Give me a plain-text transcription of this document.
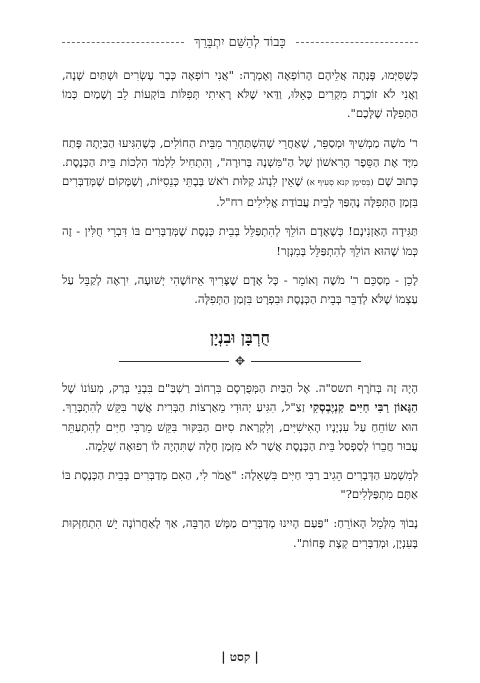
כָּבוֹד לְהַשֵּׁם יִתְבָּרֵךְ

כְּשֶׁסִּיְּמוּ, פָּנְתָה אֲלֵיהֶם הָרוֹפְאָה וְאָמְרָה: "אֲנִי רוֹפְאָה כְּבָר עֶשְׂרִים וּשְׁתַּיִם שָׁנָה, וַאֲנִי לֹא זוֹכֶרֶת מִקְרִים כָּאֵלּוּ, וַדַּאי שֶׁלֹּא רָאִיתִי תְּפִלּוֹת בּוֹקְעוֹת לֵב וְשֶׁמַיִם כְּמוֹ הַתְּפִלָּה שֶׁלָּכֶם".

ר' מֹשֶׁה מַמְשִׁיךְ וּמְסַפֵּר, שֶׁאַחֲרֵי שֶׁהִשְׁתַּחְרֵר מִבֵּית הַחוֹלִים, כְּשֶׁהִגִּיעוּ הַבַּיְתָה פָּתַח מִיָּד אֶת הַסֵּפֶר הָרִאשׁוֹן שֶׁל הַ"מִּשְׁנָה בְּרוּרָה", וְהִתְחִיל לִלְמֹד הִלְכוֹת בֵּית הַכְּנֶסֶת. כָּתוּב שָׁם (בְּסִימָן קנא סְעִיף א) שֶׁאֵין לִנְהֹג קַלּוּת רֹאשׁ בְּבָתֵּי כְּנֵסִיּוֹת, וְשֶׁמָּקוֹם שֶׁמְּדַבְּרִים בִּזְמַן הַתְּפִלָּה נֶהְפַּךְ לְבֵית עֲבוֹדַת אֱלִילִים רח"ל.

תַּגִּידָה הָאַזְנִינָם! כְּשֶׁאָדָם הוֹלֵךְ לְהִתְפַּלֵּל בְּבֵית כְּנֶסֶת שֶׁמְּדַבְּרִים בּוֹ דִּבְרֵי חֻלִּין - זֶה כְּמוֹ שֶׁהוּא הוֹלֵךְ לְהִתְפַּלֵּל בְּמִנְזָר!

לָכֵן - מְסַכֵּם ר' מֹשֶׁה וְאוֹמֵר - כָּל אָדָם שֶׁצָּרִיךְ אֵיזוֹשֶׁהִי יְשׁוּעָה, יִרְאֶה לְקַבֵּל עַל עַצְמוֹ שֶׁלֹּא לְדַבֵּר בְּבֵית הַכְּנֶסֶת וּבִפְרָט בִּזְמַן הַתְּפִלָּה.

חֻרְבָּן וּבִנְיָן
✥

הָיָה זֶה בְּחֹרֶף תשס"ה. אֶל הַבַּיִת הַמְּפֻרְסָם בִּרְחוֹב רַשְׁבַּ"ם בִּבְנֵי בְּרַק, מְעוֹנוֹ שֶׁל הַגָּאוֹן רַבִּי חַיִּים קַנְיֶבְסְקִי זַצַ"ל, הִגִּיעַ יְהוּדִי מֵאַרְצוֹת הַבְּרִית אֲשֶׁר בִּקֵּשׁ לְהִתְבָּרֵךְ. הוּא שׂוֹחֵחַ עַל עִנְיָנָיו הָאִישִׁיִּים, וְלִקְרַאת סִיּוּם הַבִּקּוּר בִּקֵּשׁ מֵרַבִּי חַיִּים לְהִתְעַתֵּר עֲבוּר חֲבֵרוֹ לְסַפְסַל בֵּית הַכְּנֶסֶת אֲשֶׁר לֹא מִזְּמַן חָלָה שֶׁתִּהְיֶה לוֹ רְפוּאָה שְׁלֵמָה.

לְמִשְׁמַע הַדְּבָרִים הֵגִיב רַבִּי חַיִּים בִּשְׁאֵלָה: "אֱמֹר לִי, הַאִם מְדַבְּרִים בְּבֵית הַכְּנֶסֶת בּוֹ אַתֶּם מִתְפַּלְּלִים?"

נָבוֹךְ מִלְּמֵל הָאוֹרֵחַ: "פַּעַם הָיִינוּ מְדַבְּרִים מַמָּשׁ הַרְבֵּה, אַךְ לָאַחֲרוֹנָה יֵשׁ הִתְחַזְּקוּת בָּעִנְיָן, וּמְדַבְּרִים קְצָת פָּחוֹת".

| קסט |
